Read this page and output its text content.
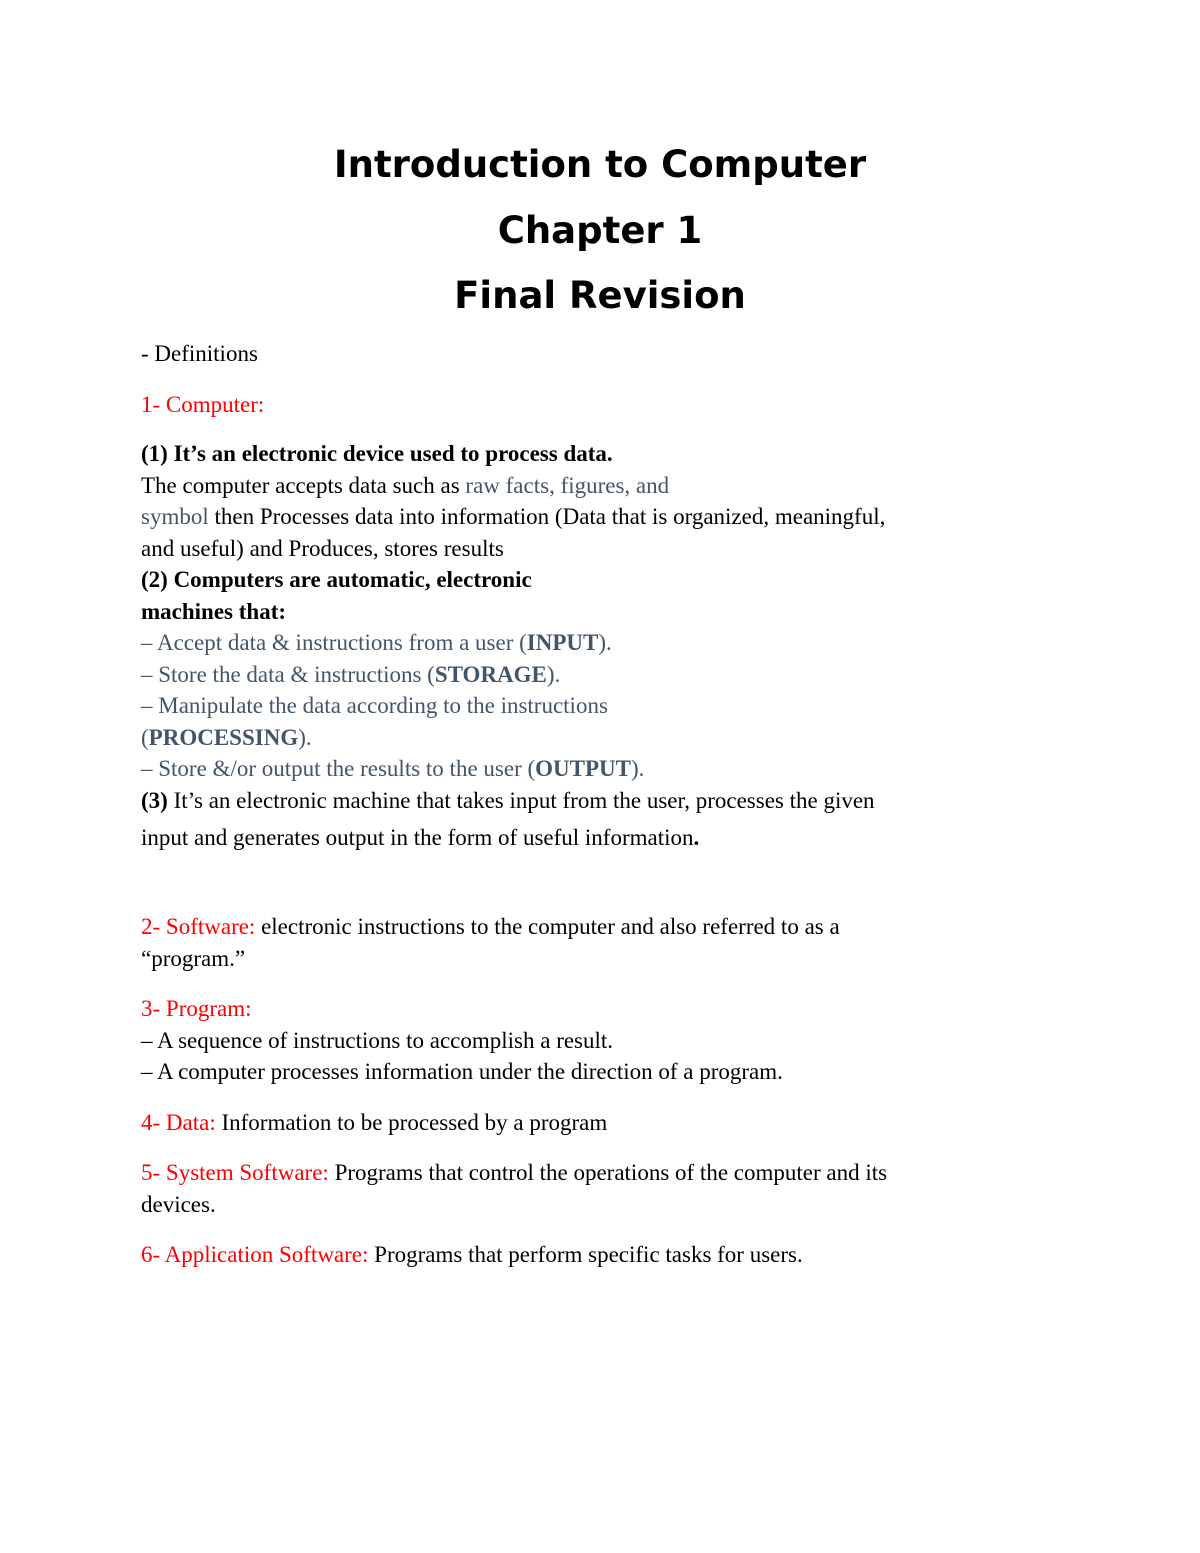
Introduction to Computer
Chapter 1
Final Revision

- Definitions

1- Computer:

(1) It’s an electronic device used to process data.

The computer accepts data such as raw facts, figures, and

symbol then Processes data into information (Data that is organized, meaningful,

and useful) and Produces, stores results

(2) Computers are automatic, electronic

machines that:

– Accept data & instructions from a user (INPUT).

– Store the data & instructions (STORAGE).

– Manipulate the data according to the instructions

(PROCESSING).

– Store &/or output the results to the user (OUTPUT).

(3) It’s an electronic machine that takes input from the user, processes the given

input and generates output in the form of useful information.

2- Software: electronic instructions to the computer and also referred to as a

“program.”

3- Program:

– A sequence of instructions to accomplish a result.

– A computer processes information under the direction of a program.

4- Data: Information to be processed by a program

5- System Software: Programs that control the operations of the computer and its

devices.

6- Application Software: Programs that perform specific tasks for users.
